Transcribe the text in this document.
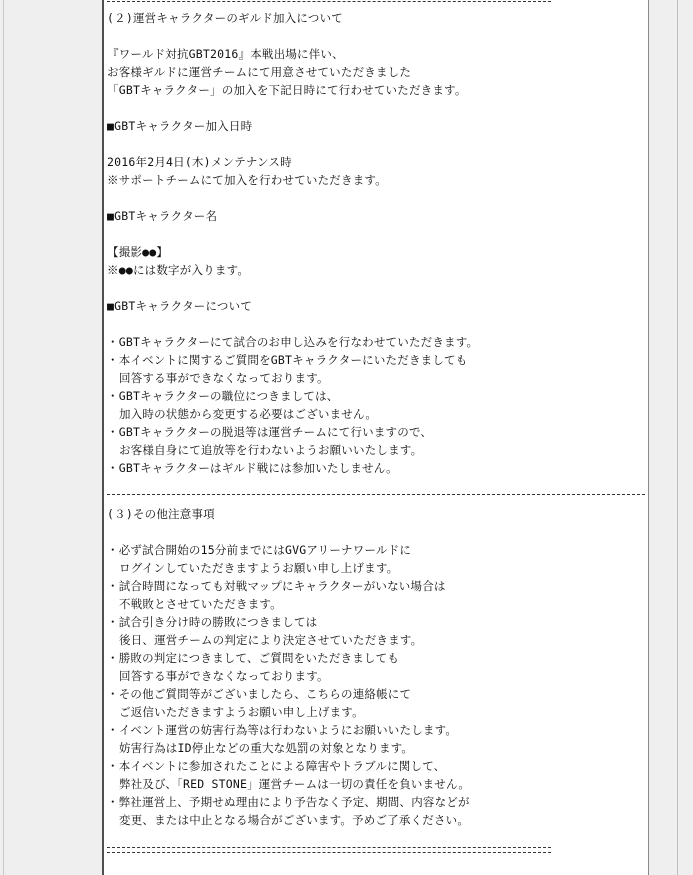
(２)運営キャラクターのギルド加入について
『ワールド対抗GBT2016』本戦出場に伴い、
お客様ギルドに運営チームにて用意させていただきました
「GBTキャラクター」の加入を下記日時にて行わせていただきます。
■GBTキャラクター加入日時
2016年2月4日(木)メンテナンス時
※サポートチームにて加入を行わせていただきます。
■GBTキャラクター名
【撮影●●】
※●●には数字が入ります。
■GBTキャラクターについて
・GBTキャラクターにて試合のお申し込みを行なわせていただきます。
・本イベントに関するご質問をGBTキャラクターにいただきましても
回答する事ができなくなっております。
・GBTキャラクターの職位につきましては、
加入時の状態から変更する必要はございません。
・GBTキャラクターの脱退等は運営チームにて行いますので、
お客様自身にて追放等を行わないようお願いいたします。
・GBTキャラクターはギルド戦には参加いたしません。
(３)その他注意事項
・必ず試合開始の15分前までにはGVGアリーナワールドに
ログインしていただきますようお願い申し上げます。
・試合時間になっても対戦マップにキャラクターがいない場合は
不戦敗とさせていただきます。
・試合引き分け時の勝敗につきましては
後日、運営チームの判定により決定させていただきます。
・勝敗の判定につきまして、ご質問をいただきましても
回答する事ができなくなっております。
・その他ご質問等がございましたら、こちらの連絡帳にて
ご返信いただきますようお願い申し上げます。
・イベント運営の妨害行為等は行わないようにお願いいたします。
妨害行為はID停止などの重大な処罰の対象となります。
・本イベントに参加されたことによる障害やトラブルに関して、
弊社及び、「RED STONE」運営チームは一切の責任を負いません。
・弊社運営上、予期せぬ理由により予告なく予定、期間、内容などが
変更、または中止となる場合がございます。予めご了承ください。
